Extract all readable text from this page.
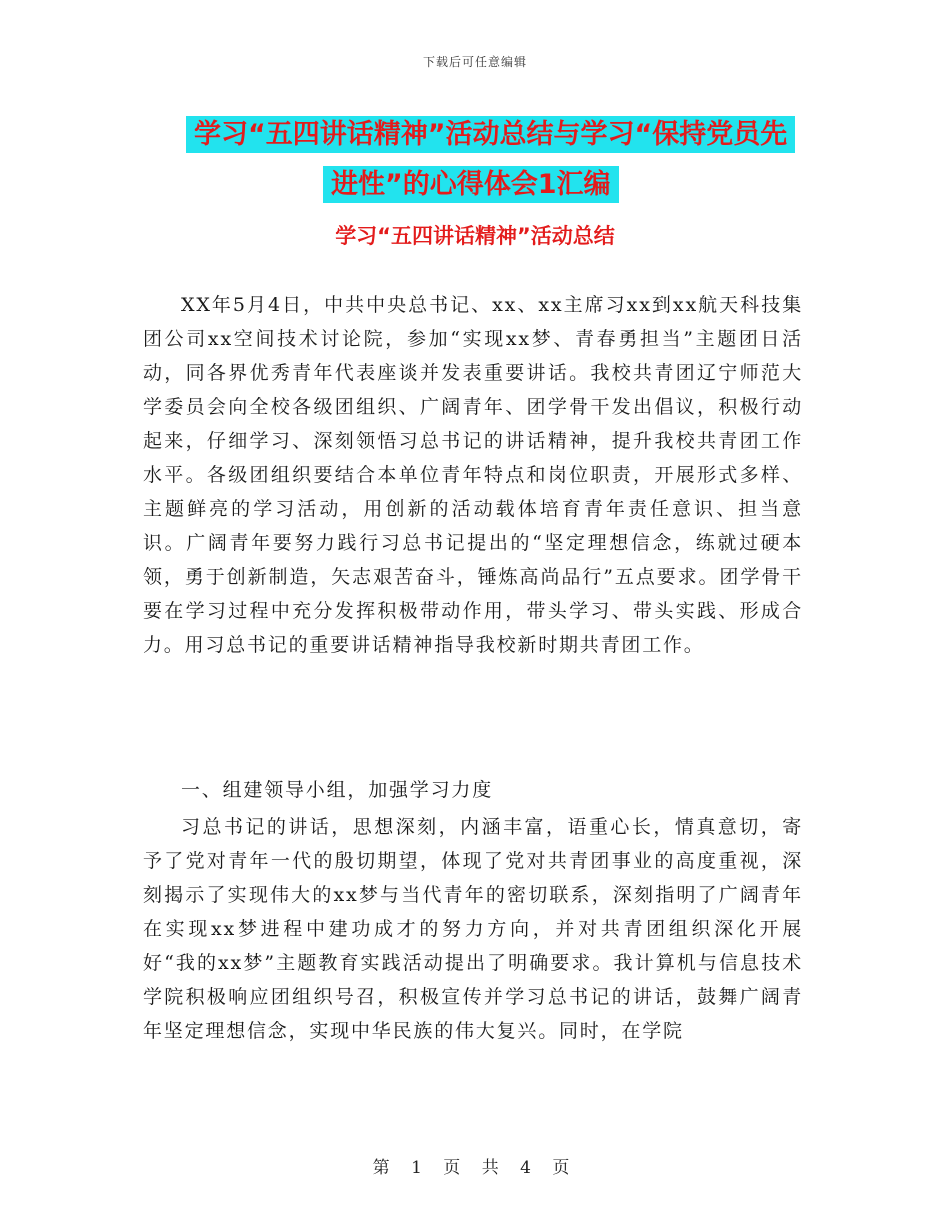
下载后可任意编辑
学习“五四讲话精神”活动总结与学习“保持党员先
进性”的心得体会1汇编
学习“五四讲话精神”活动总结
XX年5月4日，中共中央总书记、xx、xx主席习xx到xx航天科技集团公司xx空间技术讨论院，参加“实现xx梦、青春勇担当”主题团日活动，同各界优秀青年代表座谈并发表重要讲话。我校共青团辽宁师范大学委员会向全校各级团组织、广阔青年、团学骨干发出倡议，积极行动起来，仔细学习、深刻领悟习总书记的讲话精神，提升我校共青团工作水平。各级团组织要结合本单位青年特点和岗位职责，开展形式多样、主题鲜亮的学习活动，用创新的活动载体培育青年责任意识、担当意识。广阔青年要努力践行习总书记提出的“坚定理想信念，练就过硬本领，勇于创新制造，矢志艰苦奋斗，锤炼高尚品行”五点要求。团学骨干要在学习过程中充分发挥积极带动作用，带头学习、带头实践、形成合力。用习总书记的重要讲话精神指导我校新时期共青团工作。
一、组建领导小组，加强学习力度
习总书记的讲话，思想深刻，内涵丰富，语重心长，情真意切，寄予了党对青年一代的殷切期望，体现了党对共青团事业的高度重视，深刻揭示了实现伟大的xx梦与当代青年的密切联系，深刻指明了广阔青年在实现xx梦进程中建功成才的努力方向，并对共青团组织深化开展好“我的xx梦”主题教育实践活动提出了明确要求。我计算机与信息技术学院积极响应团组织号召，积极宣传并学习总书记的讲话，鼓舞广阔青年坚定理想信念，实现中华民族的伟大复兴。同时，在学院
第 1 页 共 4 页
